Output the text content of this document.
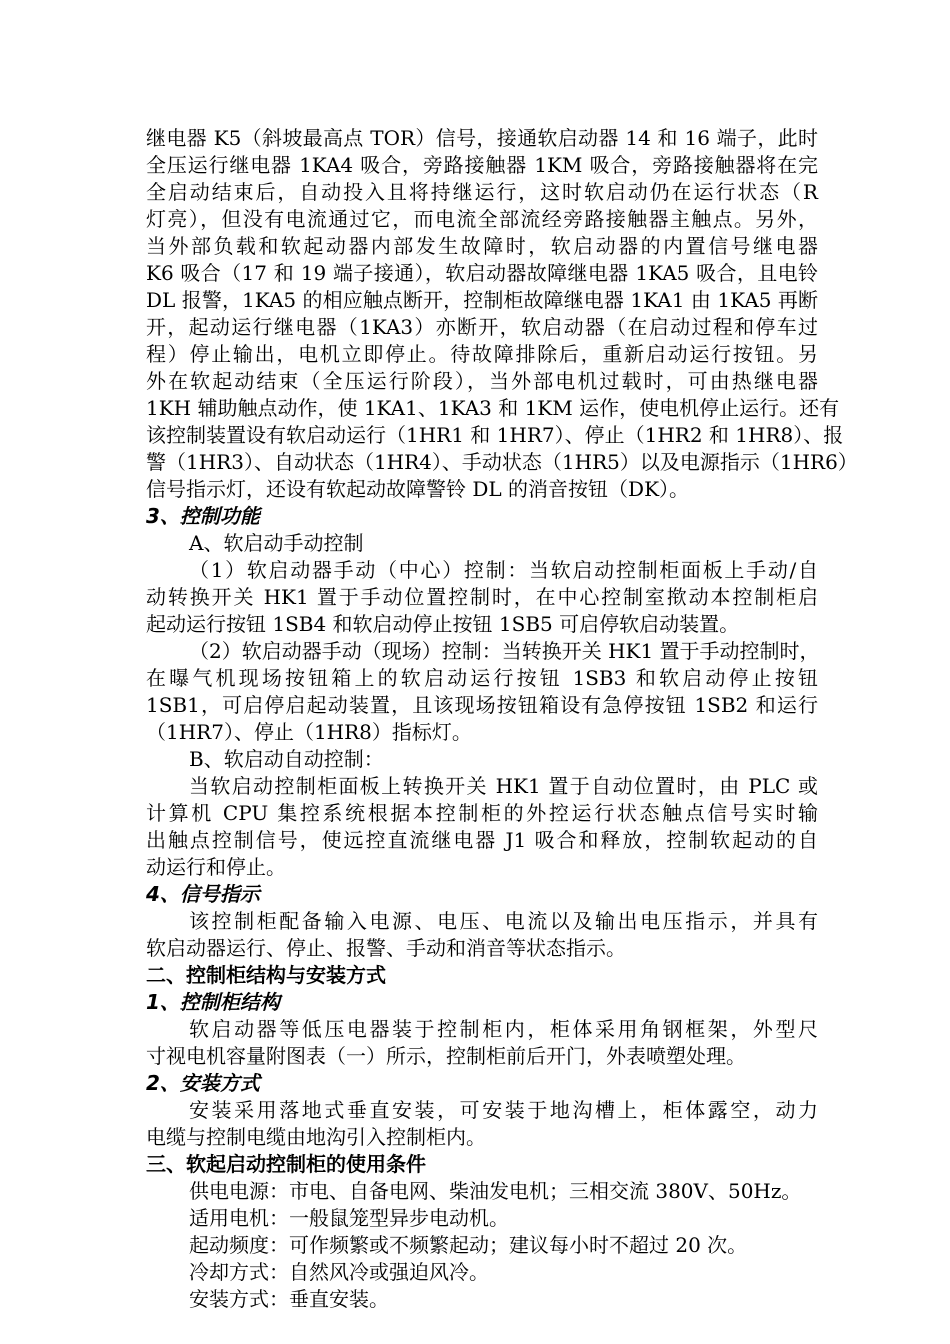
继电器 K5（斜坡最高点 TOR）信号，接通软启动器 14 和 16 端子，此时
全压运行继电器 1KA4 吸合，旁路接触器 1KM 吸合，旁路接触器将在完
全启动结束后，自动投入且将持继运行，这时软启动仍在运行状态（R
灯亮），但没有电流通过它，而电流全部流经旁路接触器主触点。另外，
当外部负载和软起动器内部发生故障时，软启动器的内置信号继电器
K6 吸合（17 和 19 端子接通），软启动器故障继电器 1KA5 吸合，且电铃
DL 报警，1KA5 的相应触点断开，控制柜故障继电器 1KA1 由 1KA5 再断
开，起动运行继电器（1KA3）亦断开，软启动器（在启动过程和停车过
程）停止输出，电机立即停止。待故障排除后，重新启动运行按钮。另
外在软起动结束（全压运行阶段），当外部电机过载时，可由热继电器
1KH 辅助触点动作，使 1KA1、1KA3 和 1KM 运作，使电机停止运行。还有
该控制装置设有软启动运行（1HR1 和 1HR7）、停止（1HR2 和 1HR8）、报
警（1HR3）、自动状态（1HR4）、手动状态（1HR5）以及电源指示（1HR6）
信号指示灯，还设有软起动故障警铃 DL 的消音按钮（DK）。
3、控制功能
A、软启动手动控制
（1）软启动器手动（中心）控制：当软启动控制柜面板上手动/自
动转换开关 HK1 置于手动位置控制时，在中心控制室揿动本控制柜启
起动运行按钮 1SB4 和软启动停止按钮 1SB5 可启停软启动装置。
（2）软启动器手动（现场）控制：当转换开关 HK1 置于手动控制时，
在曝气机现场按钮箱上的软启动运行按钮 1SB3 和软启动停止按钮
1SB1，可启停启起动装置，且该现场按钮箱设有急停按钮 1SB2 和运行
（1HR7）、停止（1HR8）指标灯。
B、软启动自动控制：
当软启动控制柜面板上转换开关 HK1 置于自动位置时，由 PLC 或
计算机 CPU 集控系统根据本控制柜的外控运行状态触点信号实时输
出触点控制信号，使远控直流继电器 J1 吸合和释放，控制软起动的自
动运行和停止。
4、信号指示
该控制柜配备输入电源、电压、电流以及输出电压指示，并具有
软启动器运行、停止、报警、手动和消音等状态指示。
二、控制柜结构与安装方式
1、控制柜结构
软启动器等低压电器装于控制柜内，柜体采用角钢框架，外型尺
寸视电机容量附图表（一）所示，控制柜前后开门，外表喷塑处理。
2、安装方式
安装采用落地式垂直安装，可安装于地沟槽上，柜体露空，动力
电缆与控制电缆由地沟引入控制柜内。
三、软起启动控制柜的使用条件
供电电源：市电、自备电网、柴油发电机；三相交流 380V、50Hz。
适用电机：一般鼠笼型异步电动机。
起动频度：可作频繁或不频繁起动；建议每小时不超过 20 次。
冷却方式：自然风冷或强迫风冷。
安装方式：垂直安装。
